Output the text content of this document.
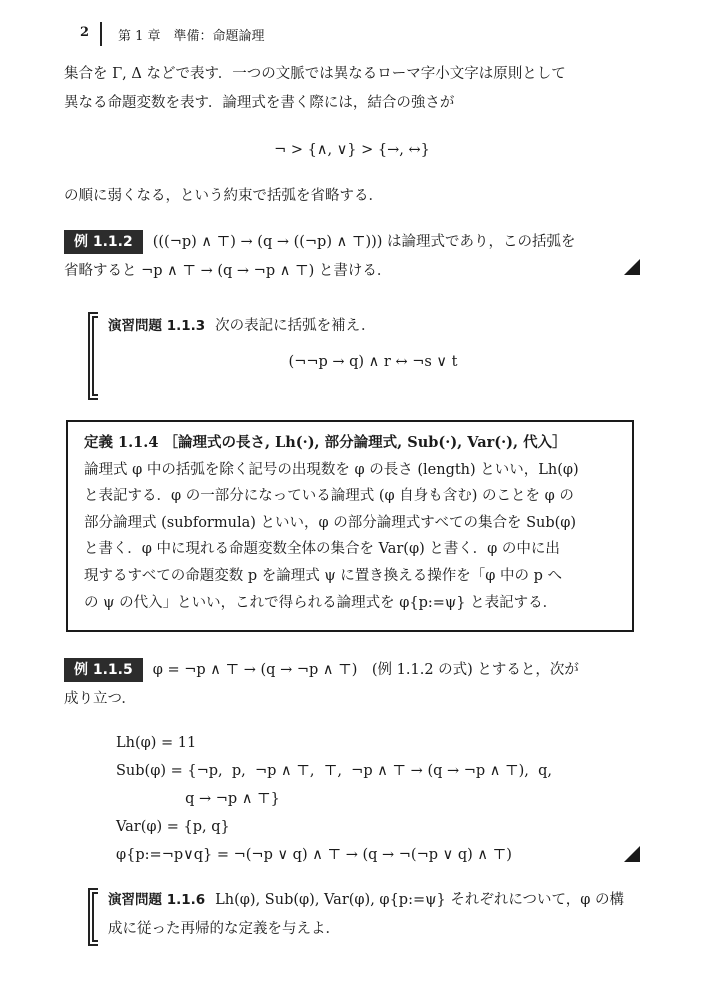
2 第 1 章　準備：命題論理
集合を Γ, Δ などで表す．一つの文脈では異なるローマ字小文字は原則として
異なる命題変数を表す．論理式を書く際には，結合の強さが
¬ > {∧, ∨} > {→, ↔}
の順に弱くなる，という約束で括弧を省略する．
例 1.1.2 (((¬p) ∧ ⊤) → (q → ((¬p) ∧ ⊤))) は論理式であり，この括弧を
省略すると ¬p ∧ ⊤ → (q → ¬p ∧ ⊤) と書ける．
演習問題 1.1.3 次の表記に括弧を補え．
(¬¬p → q) ∧ r ↔ ¬s ∨ t
定義 1.1.4 ［論理式の長さ, Lh(·), 部分論理式, Sub(·), Var(·), 代入］
論理式 φ 中の括弧を除く記号の出現数を φ の長さ (length) といい，Lh(φ)
と表記する．φ の一部分になっている論理式 (φ 自身も含む) のことを φ の
部分論理式 (subformula) といい，φ の部分論理式すべての集合を Sub(φ)
と書く．φ 中に現れる命題変数全体の集合を Var(φ) と書く．φ の中に出
現するすべての命題変数 p を論理式 ψ に置き換える操作を「φ 中の p へ
の ψ の代入」といい，これで得られる論理式を φ{p:=ψ} と表記する．
例 1.1.5 φ = ¬p ∧ ⊤ → (q → ¬p ∧ ⊤)　(例 1.1.2 の式) とすると，次が
成り立つ．
Lh(φ) = 11
Sub(φ) = {¬p,  p,  ¬p ∧ ⊤,  ⊤,  ¬p ∧ ⊤ → (q → ¬p ∧ ⊤),  q,
q → ¬p ∧ ⊤}
Var(φ) = {p, q}
φ{p:=¬p∨q} = ¬(¬p ∨ q) ∧ ⊤ → (q → ¬(¬p ∨ q) ∧ ⊤)
演習問題 1.1.6 Lh(φ), Sub(φ), Var(φ), φ{p:=ψ} それぞれについて，φ の構
成に従った再帰的な定義を与えよ．
